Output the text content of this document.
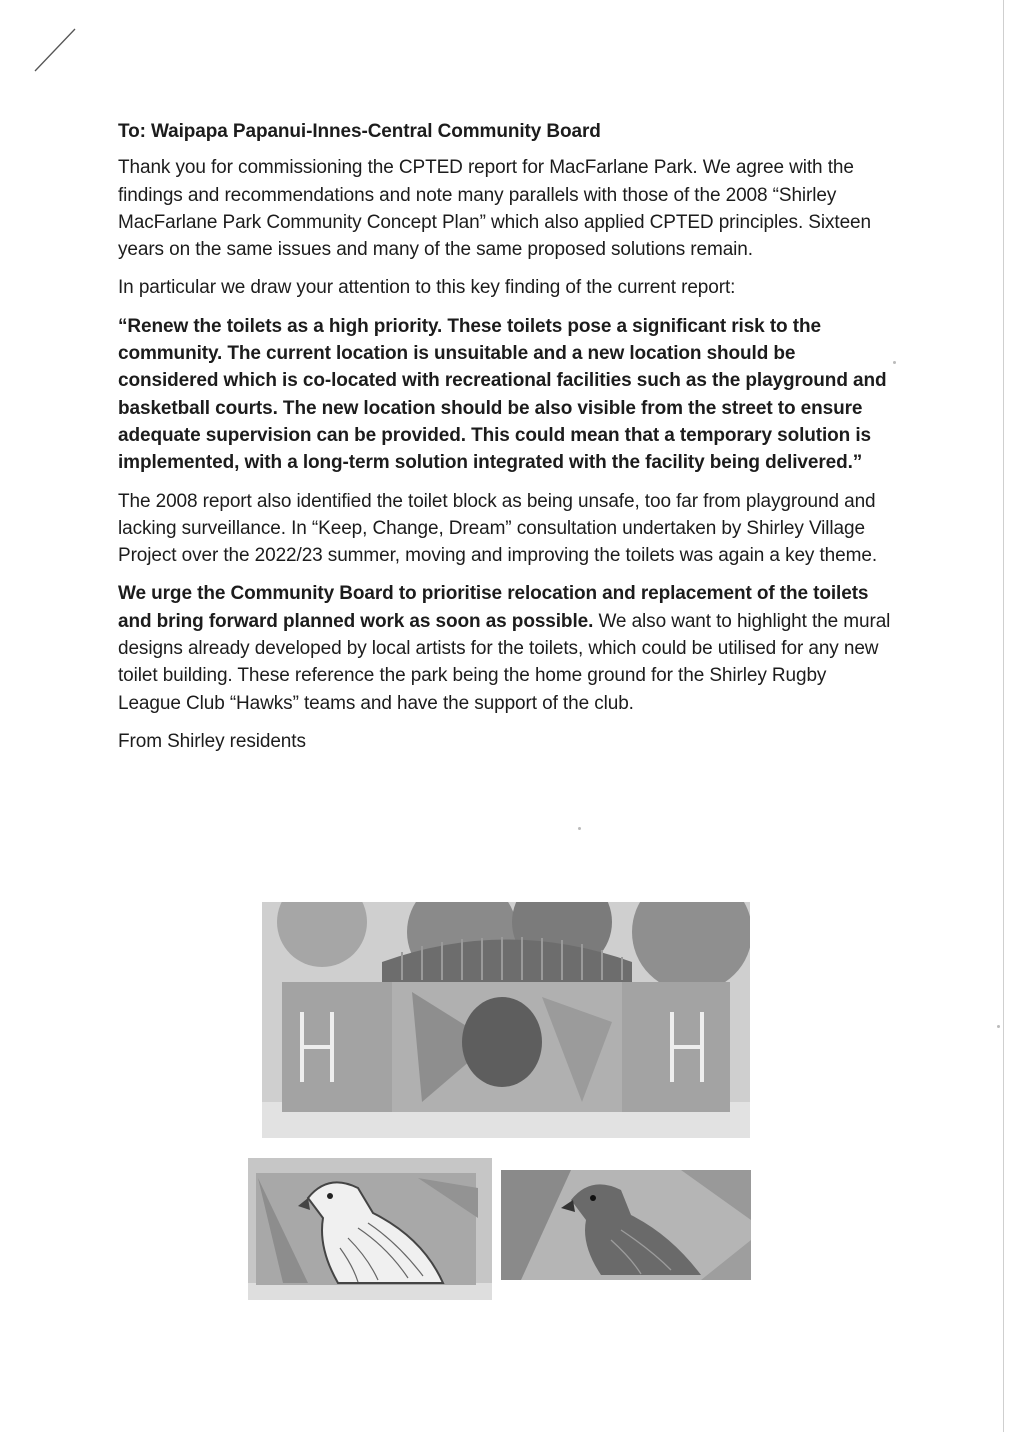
To: Waipapa Papanui-Innes-Central Community Board

Thank you for commissioning the CPTED report for MacFarlane Park. We agree with the findings and recommendations and note many parallels with those of the 2008 “Shirley MacFarlane Park Community Concept Plan” which also applied CPTED principles. Sixteen years on the same issues and many of the same proposed solutions remain.

In particular we draw your attention to this key finding of the current report:

“Renew the toilets as a high priority. These toilets pose a significant risk to the community. The current location is unsuitable and a new location should be considered which is co-located with recreational facilities such as the playground and basketball courts. The new location should be also visible from the street to ensure adequate supervision can be provided. This could mean that a temporary solution is implemented, with a long-term solution integrated with the facility being delivered.”

The 2008 report also identified the toilet block as being unsafe, too far from playground and lacking surveillance. In “Keep, Change, Dream” consultation undertaken by Shirley Village Project over the 2022/23 summer, moving and improving the toilets was again a key theme.

We urge the Community Board to prioritise relocation and replacement of the toilets and bring forward planned work as soon as possible. We also want to highlight the mural designs already developed by local artists for the toilets, which could be utilised for any new toilet building. These reference the park being the home ground for the Shirley Rugby League Club “Hawks” teams and have the support of the club.

From Shirley residents
